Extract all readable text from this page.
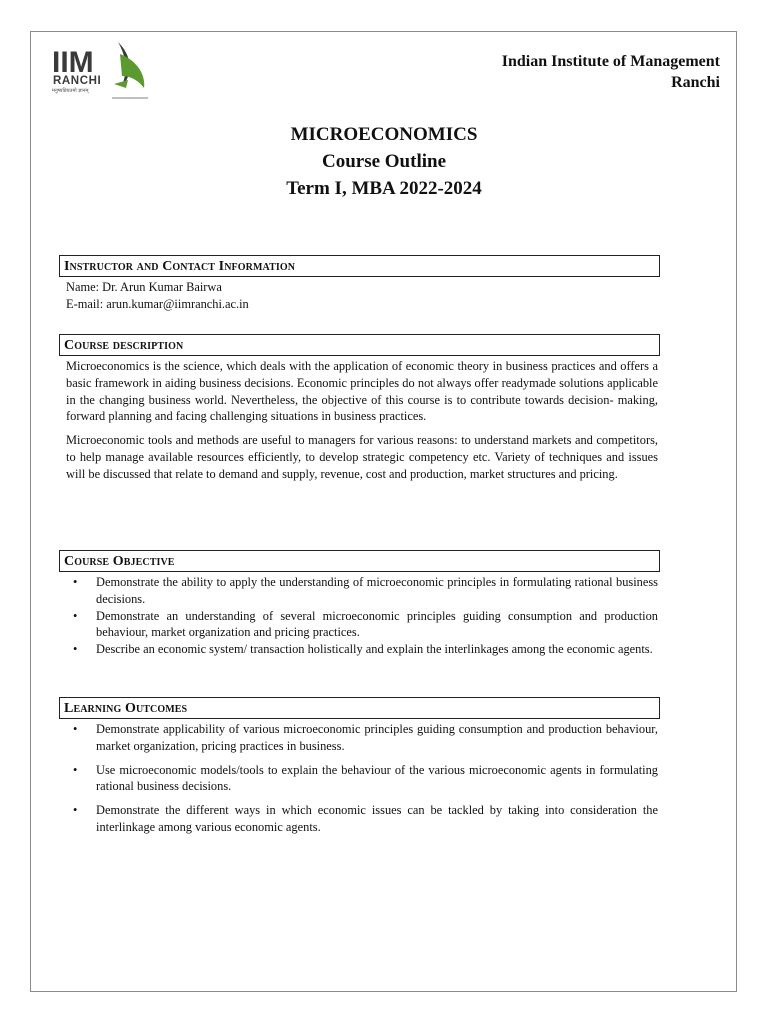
IIM
RANCHI
मनुष्यप्रियतमो ज्ञानम्
Indian Institute of Management
Ranchi
MICROECONOMICS
Course Outline
Term I, MBA 2022-2024
Instructor and Contact Information

Name: Dr. Arun Kumar Bairwa

E-mail: arun.kumar@iimranchi.ac.in

Course description

Microeconomics is the science, which deals with the application of economic theory in business practices and offers a basic framework in aiding business decisions. Economic principles do not always offer readymade solutions applicable in the changing business world. Nevertheless, the objective of this course is to contribute towards decision- making, forward planning and facing challenging situations in business practices.

Microeconomic tools and methods are useful to managers for various reasons: to understand markets and competitors, to help manage available resources efficiently, to develop strategic competency etc. Variety of techniques and issues will be discussed that relate to demand and supply, revenue, cost and production, market structures and pricing.

Course Objective
• Demonstrate the ability to apply the understanding of microeconomic principles in formulating rational business decisions.
• Demonstrate an understanding of several microeconomic principles guiding consumption and production behaviour, market organization and pricing practices.
• Describe an economic system/ transaction holistically and explain the interlinkages among the economic agents.
Learning Outcomes
• Demonstrate applicability of various microeconomic principles guiding consumption and production behaviour, market organization, pricing practices in business.
• Use microeconomic models/tools to explain the behaviour of the various microeconomic agents in formulating rational business decisions.
• Demonstrate the different ways in which economic issues can be tackled by taking into consideration the interlinkage among various economic agents.
